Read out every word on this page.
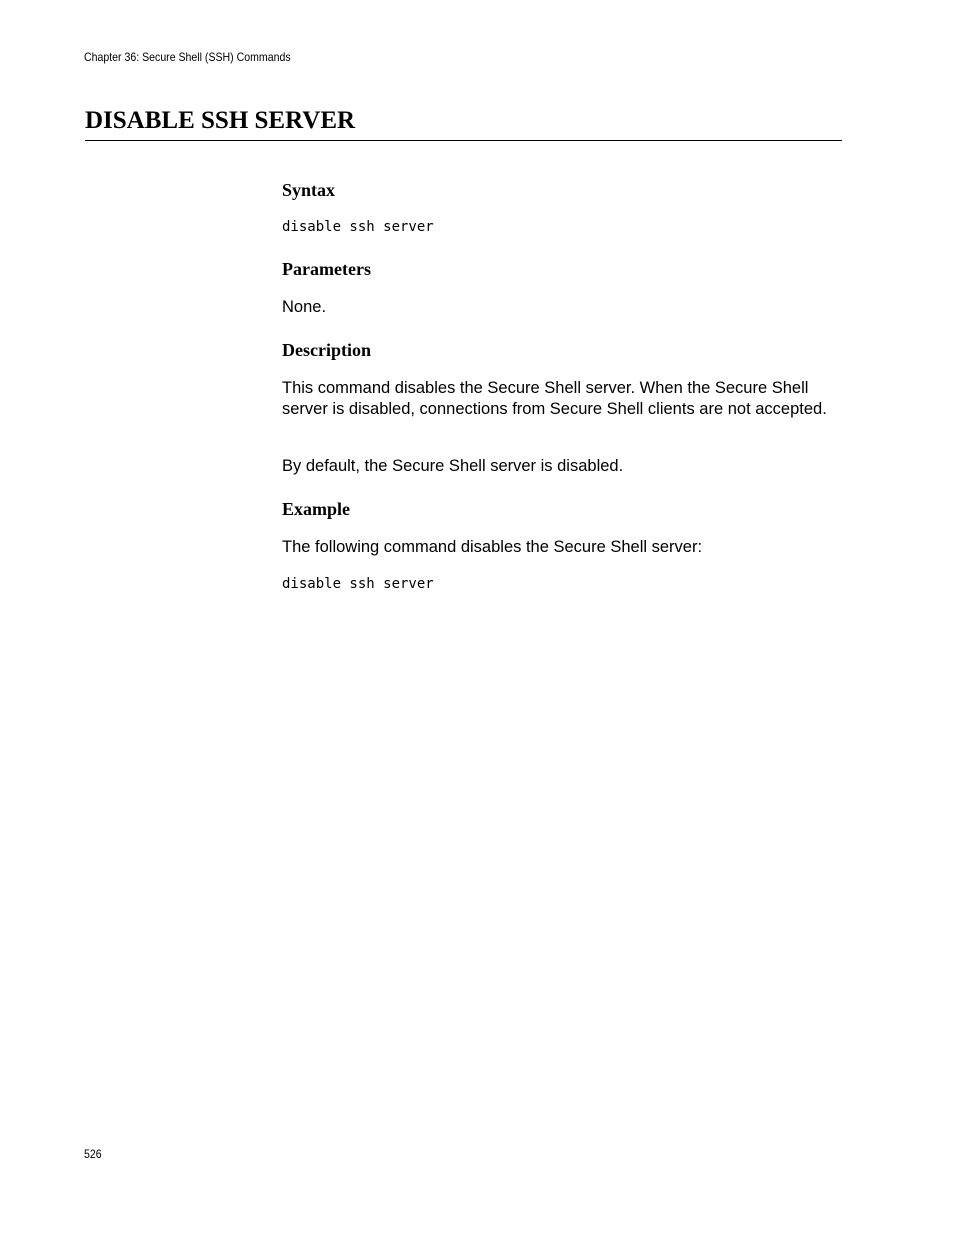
Chapter 36: Secure Shell (SSH) Commands
DISABLE SSH SERVER
Syntax
disable ssh server
Parameters

None.

Description

This command disables the Secure Shell server. When the Secure Shell server is disabled, connections from Secure Shell clients are not accepted.

By default, the Secure Shell server is disabled.

Example

The following command disables the Secure Shell server:

disable ssh server
526
